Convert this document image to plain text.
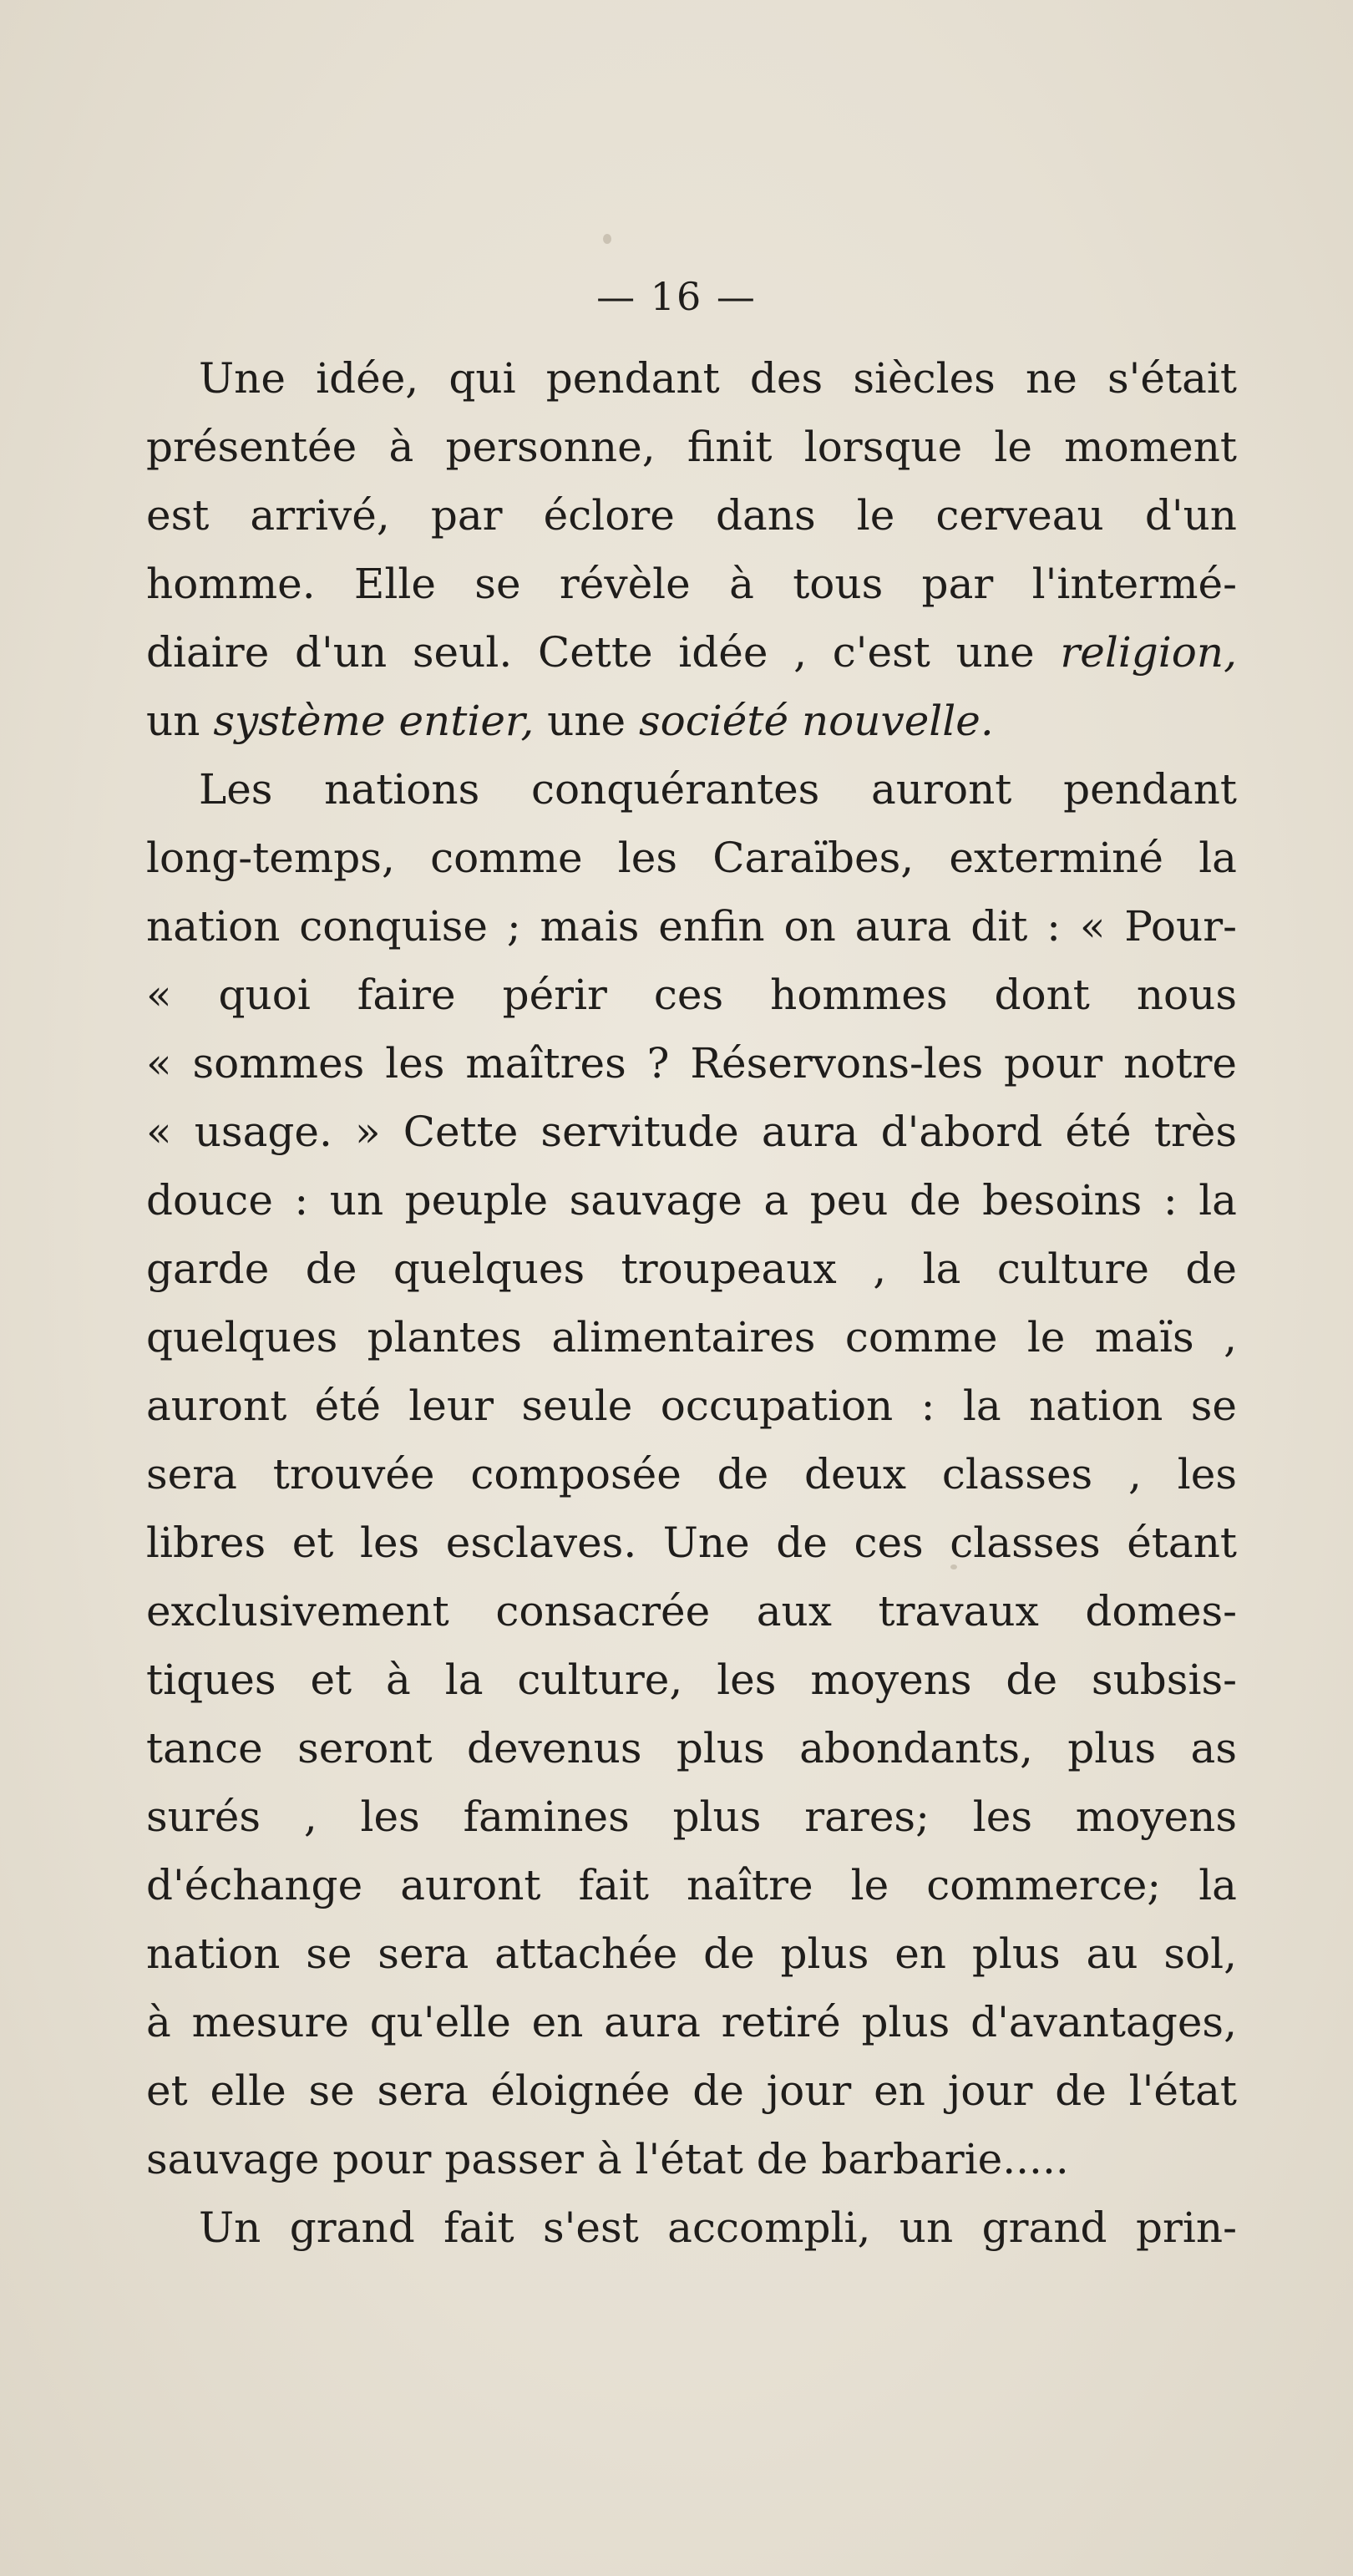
— 16 —
Une idée, qui pendant des siècles ne s'était
présentée à personne, finit lorsque le moment
est arrivé, par éclore dans le cerveau d'un
homme. Elle se révèle à tous par l'intermé-
diaire d'un seul. Cette idée , c'est une religion,
un système entier, une société nouvelle.
Les nations conquérantes auront pendant
long-temps, comme les Caraïbes, exterminé la
nation conquise ; mais enfin on aura dit : « Pour-
« quoi faire périr ces hommes dont nous
« sommes les maîtres ? Réservons-les pour notre
« usage. » Cette servitude aura d'abord été très
douce : un peuple sauvage a peu de besoins : la
garde de quelques troupeaux , la culture de
quelques plantes alimentaires comme le maïs ,
auront été leur seule occupation : la nation se
sera trouvée composée de deux classes , les
libres et les esclaves. Une de ces classes étant
exclusivement consacrée aux travaux domes-
tiques et à la culture, les moyens de subsis-
tance seront devenus plus abondants, plus as
surés , les famines plus rares; les moyens
d'échange auront fait naître le commerce; la
nation se sera attachée de plus en plus au sol,
à mesure qu'elle en aura retiré plus d'avantages,
et elle se sera éloignée de jour en jour de l'état
sauvage pour passer à l'état de barbarie.....
Un grand fait s'est accompli, un grand prin-
